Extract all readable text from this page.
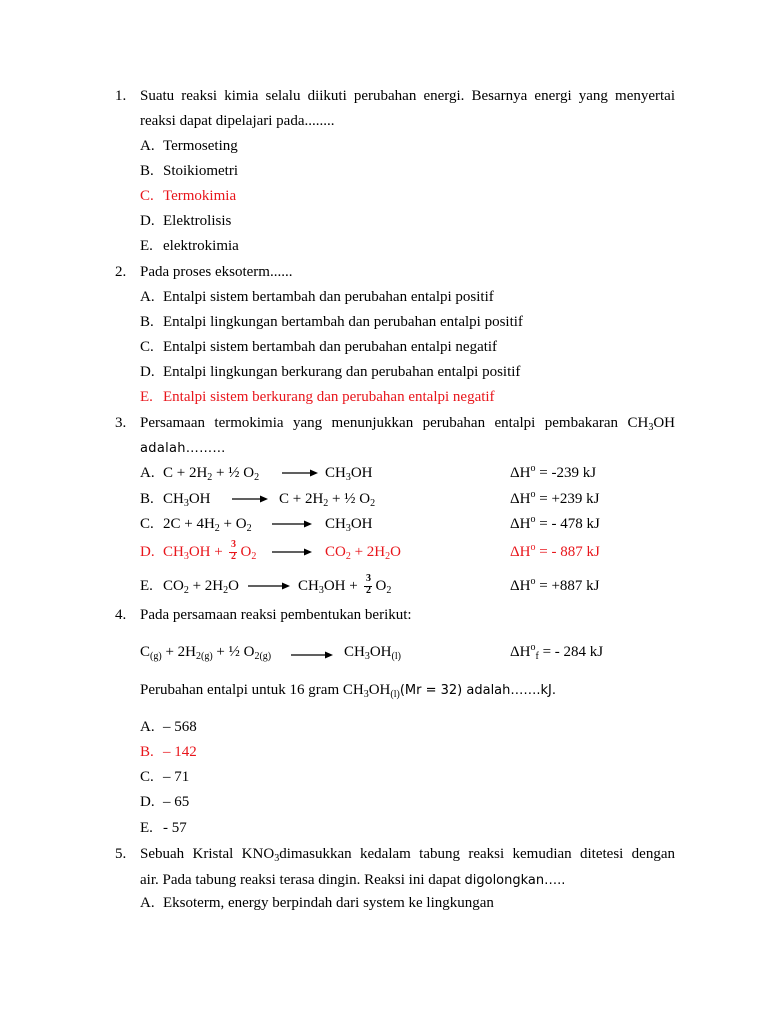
1. Suatu reaksi kimia selalu diikuti perubahan energi. Besarnya energi yang menyertai
reaksi dapat dipelajari pada........
A. Termoseting
B. Stoikiometri
C. Termokimia
D. Elektrolisis
E. elektrokimia
2. Pada proses eksoterm......
A. Entalpi sistem bertambah dan perubahan entalpi positif
B. Entalpi lingkungan bertambah dan perubahan entalpi positif
C. Entalpi sistem bertambah dan perubahan entalpi negatif
D. Entalpi lingkungan berkurang dan perubahan entalpi positif
E. Entalpi sistem berkurang dan perubahan entalpi negatif
3. Persamaan termokimia yang menunjukkan perubahan entalpi pembakaran $CH_3OH$
adalah………
A. $C + 2H_2$ + ½ $O_2 \to CH_3OH$	$\Delta H^o = -239$ kJ
B. $CH_3OH \to C + 2H_2$ + ½ $O_2$	$\Delta H^o = +239$ kJ
C. $2C + 4H_2 + O_2 \to CH_3OH$	$\Delta H^o$ = - 478 kJ
D. $CH_3OH + \frac{3}{2} O_2 \to CO_2 + 2H_2O$	$\Delta H^o$ = - 887 kJ
E. $CO_2 + 2H_2O \to CH_3OH + \frac{3}{2} O_2$	$\Delta H^o = +887$ kJ
4. Pada persamaan reaksi pembentukan berikut:
$C_{(g)} + 2H_{2(g)}$ + ½ $O_{2(g)} \to CH_3OH_{(l)}$	$\Delta H^o_f$ = - 284 kJ
Perubahan entalpi untuk 16 gram $CH_3OH_{(l)}(Mr = 32)$ adalah…….kJ.
A. – 568
B. – 142
C. – 71
D. – 65
E. - 57
5. Sebuah Kristal $KNO_3dimasukkan$ kedalam tabung reaksi kemudian ditetesi dengan
air. Pada tabung reaksi terasa dingin. Reaksi ini dapat digolongkan…..
A. Eksoterm, energy berpindah dari system ke lingkungan
